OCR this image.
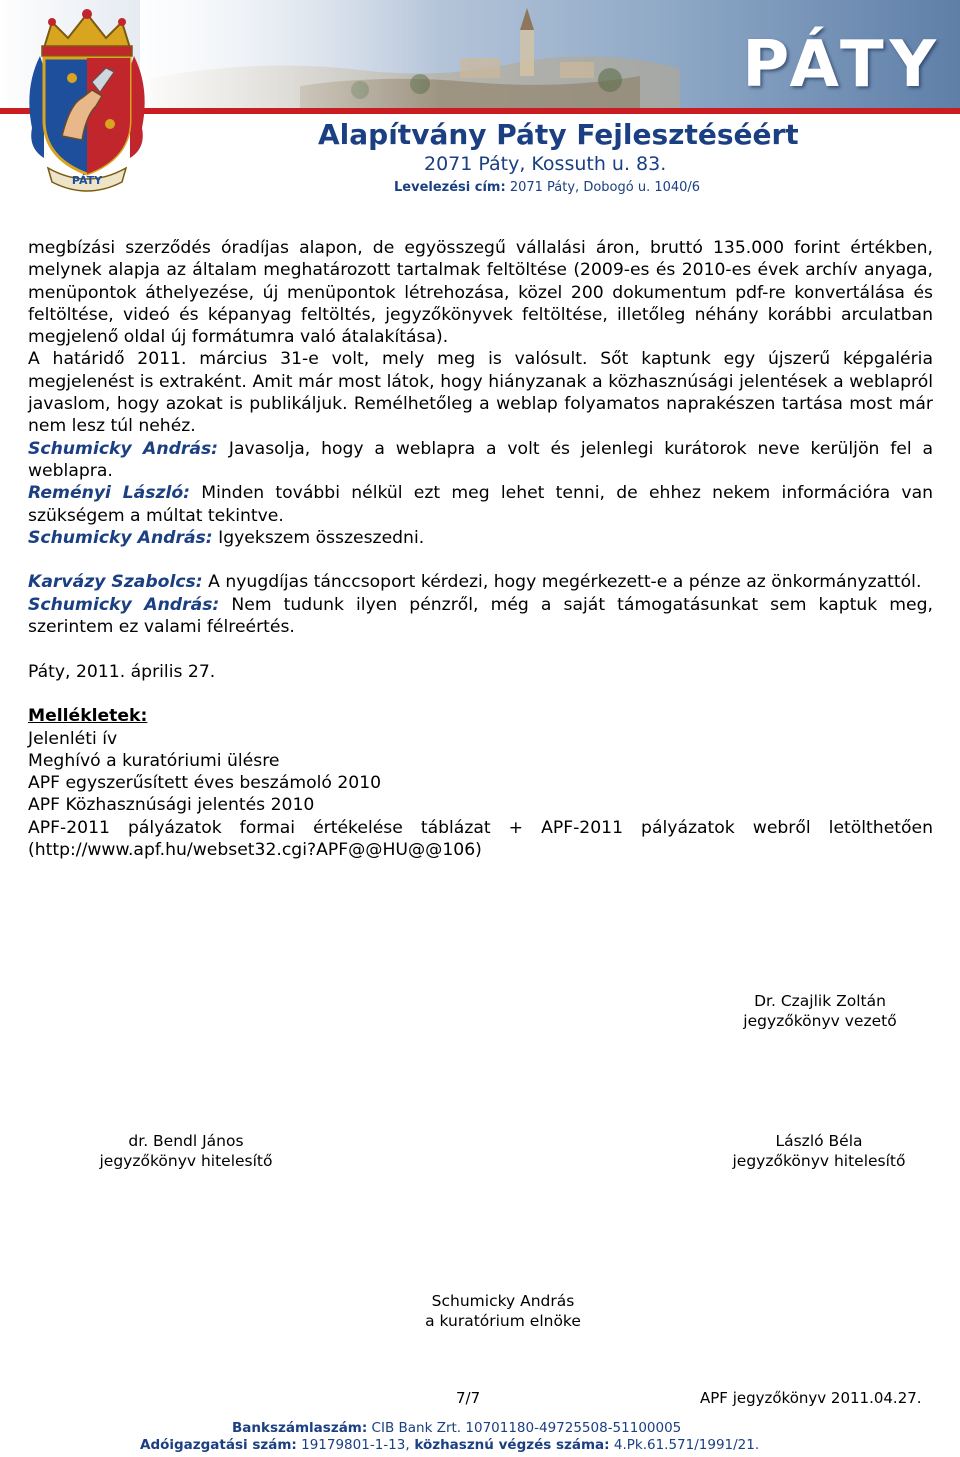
PÁTY
PÁTY
Alapítvány Páty Fejlesztéséért
2071 Páty, Kossuth u. 83.
Levelezési cím: 2071 Páty, Dobogó u. 1040/6

megbízási szerződés óradíjas alapon, de egyösszegű vállalási áron, bruttó 135.000 forint értékben, melynek alapja az általam meghatározott tartalmak feltöltése (2009-es és 2010-es évek archív anyaga, menüpontok áthelyezése, új menüpontok létrehozása, közel 200 dokumentum pdf-re konvertálása és feltöltése, videó és képanyag feltöltés, jegyzőkönyvek feltöltése, illetőleg néhány korábbi arculatban megjelenő oldal új formátumra való átalakítása).

A határidő 2011. március 31-e volt, mely meg is valósult. Sőt kaptunk egy újszerű képgaléria megjelenést is extraként. Amit már most látok, hogy hiányzanak a közhasznúsági jelentések a weblapról javaslom, hogy azokat is publikáljuk. Remélhetőleg a weblap folyamatos naprakészen tartása most már nem lesz túl nehéz.

Schumicky András: Javasolja, hogy a weblapra a volt és jelenlegi kurátorok neve kerüljön fel a weblapra.

Reményi László: Minden további nélkül ezt meg lehet tenni, de ehhez nekem információra van szükségem a múltat tekintve.

Schumicky András: Igyekszem összeszedni.

Karvázy Szabolcs: A nyugdíjas tánccsoport kérdezi, hogy megérkezett-e a pénze az önkormányzattól.

Schumicky András: Nem tudunk ilyen pénzről, még a saját támogatásunkat sem kaptuk meg, szerintem ez valami félreértés.

Páty, 2011. április 27.

Mellékletek:

Jelenléti ív

Meghívó a kuratóriumi ülésre

APF egyszerűsített éves beszámoló 2010

APF Közhasznúsági jelentés 2010

APF-2011 pályázatok formai értékelése táblázat + APF-2011 pályázatok webről letölthetően (http://www.apf.hu/webset32.cgi?APF@@HU@@106)

Dr. Czajlik Zoltán
jegyzőkönyv vezető
dr. Bendl János
jegyzőkönyv hitelesítő
László Béla
jegyzőkönyv hitelesítő
Schumicky András
a kuratórium elnöke
7/7	APF jegyzőkönyv 2011.04.27.
Bankszámlaszám: CIB Bank Zrt. 10701180-49725508-51100005
Adóigazgatási szám: 19179801-1-13, közhasznú végzés száma: 4.Pk.61.571/1991/21.
